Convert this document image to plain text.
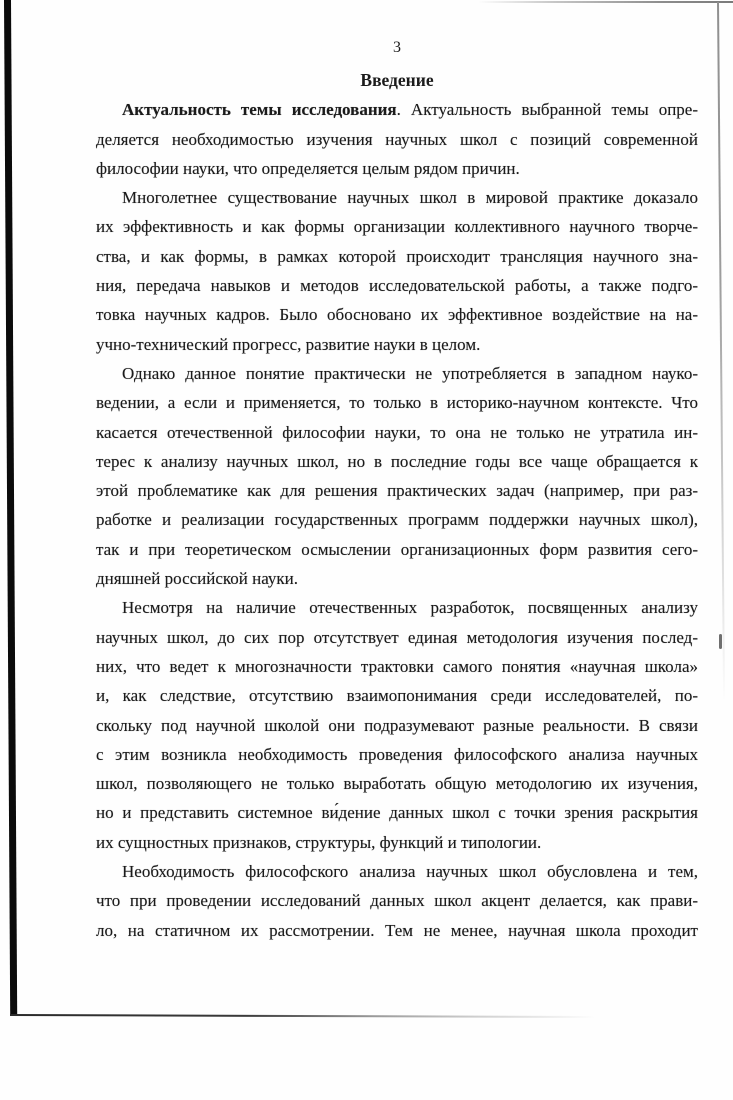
3
Введение
Актуальность темы исследования. Актуальность выбранной темы опре-
деляется необходимостью изучения научных школ с позиций современной
философии науки, что определяется целым рядом причин.
Многолетнее существование научных школ в мировой практике доказало
их эффективность и как формы организации коллективного научного творче-
ства, и как формы, в рамках которой происходит трансляция научного зна-
ния, передача навыков и методов исследовательской работы, а также подго-
товка научных кадров. Было обосновано их эффективное воздействие на на-
учно-технический прогресс, развитие науки в целом.
Однако данное понятие практически не употребляется в западном науко-
ведении, а если и применяется, то только в историко-научном контексте. Что
касается отечественной философии науки, то она не только не утратила ин-
терес к анализу научных школ, но в последние годы все чаще обращается к
этой проблематике как для решения практических задач (например, при раз-
работке и реализации государственных программ поддержки научных школ),
так и при теоретическом осмыслении организационных форм развития сего-
дняшней российской науки.
Несмотря на наличие отечественных разработок, посвященных анализу
научных школ, до сих пор отсутствует единая методология изучения послед-
них, что ведет к многозначности трактовки самого понятия «научная школа»
и, как следствие, отсутствию взаимопонимания среди исследователей, по-
скольку под научной школой они подразумевают разные реальности. В связи
с этим возникла необходимость проведения философского анализа научных
школ, позволяющего не только выработать общую методологию их изучения,
но и представить системное ви́дение данных школ с точки зрения раскрытия
их сущностных признаков, структуры, функций и типологии.
Необходимость философского анализа научных школ обусловлена и тем,
что при проведении исследований данных школ акцент делается, как прави-
ло, на статичном их рассмотрении. Тем не менее, научная школа проходит
